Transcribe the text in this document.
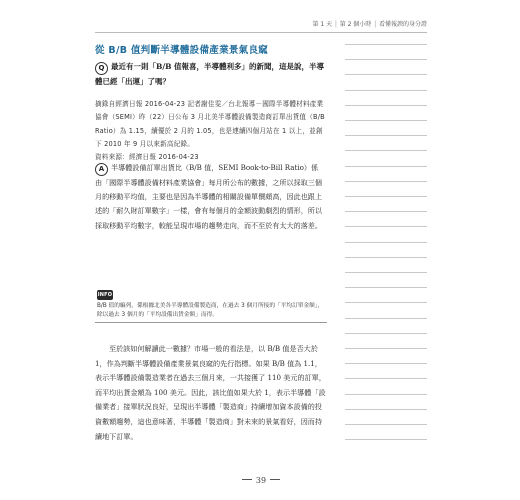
第 1 天 │ 第 2 個小時 │ 看懂報諛的身分證
從 B/B 值判斷半導體設備產業景氣良窳
Q 最近有一則「B/B 值報喜，半導體利多」的新聞，這是說，半導體已經「出運」了嗎？
摘錄自經濟日報 2016-04-23 記者謝佳雯／台北報導－國際半導體材料產業協會（SEMI）昨（22）日公布 3 月北美半導體設備製造商訂單出貨值（B/B Ratio）為 1.15，續優於 2 月的 1.05，也是連續四個月站在 1 以上，並創下 2010 年 9 月以來新高紀錄。
資料來源：經濟日報 2016-04-23
A 半導體設備訂單出貨比（B/B 值，SEMI Book-to-Bill Ratio）係由「國際半導體設備材料產業協會」每月所公布的數據，之所以採取三個月的移動平均值，主要也是因為半導體的相關設備單價頗高，因此也跟上述的「耐久財訂單數字」一樣，會有每個月的金額波動劇烈的情形，所以採取移動平均數字，較能呈現市場的趨勢走向，而不至於有太大的落差。
INFO
B/B 值的編列，係根據北美各半導體設備製造商，在過去 3 個月所接的「平均訂單金額」，除以過去 3 個月的「平均設備出貨金額」而得。
至於該如何解讀此一數據？市場一般的看法是，以 B/B 值是否大於 1，作為判斷半導體設備產業景氣良窳的先行指標。如果 B/B 值為 1.1，表示半導體設備製造業者在過去三個月來，一共接獲了 110 美元的訂單，而平均出貨金額為 100 美元。因此，該比值如果大於 1，表示半導體「設備業者」接單狀況良好，呈現出半導體「製造商」持續增加資本設備的投資數額趨勢，這也意味著，半導體「製造商」對未來的景氣看好，因而持續地下訂單。
39
